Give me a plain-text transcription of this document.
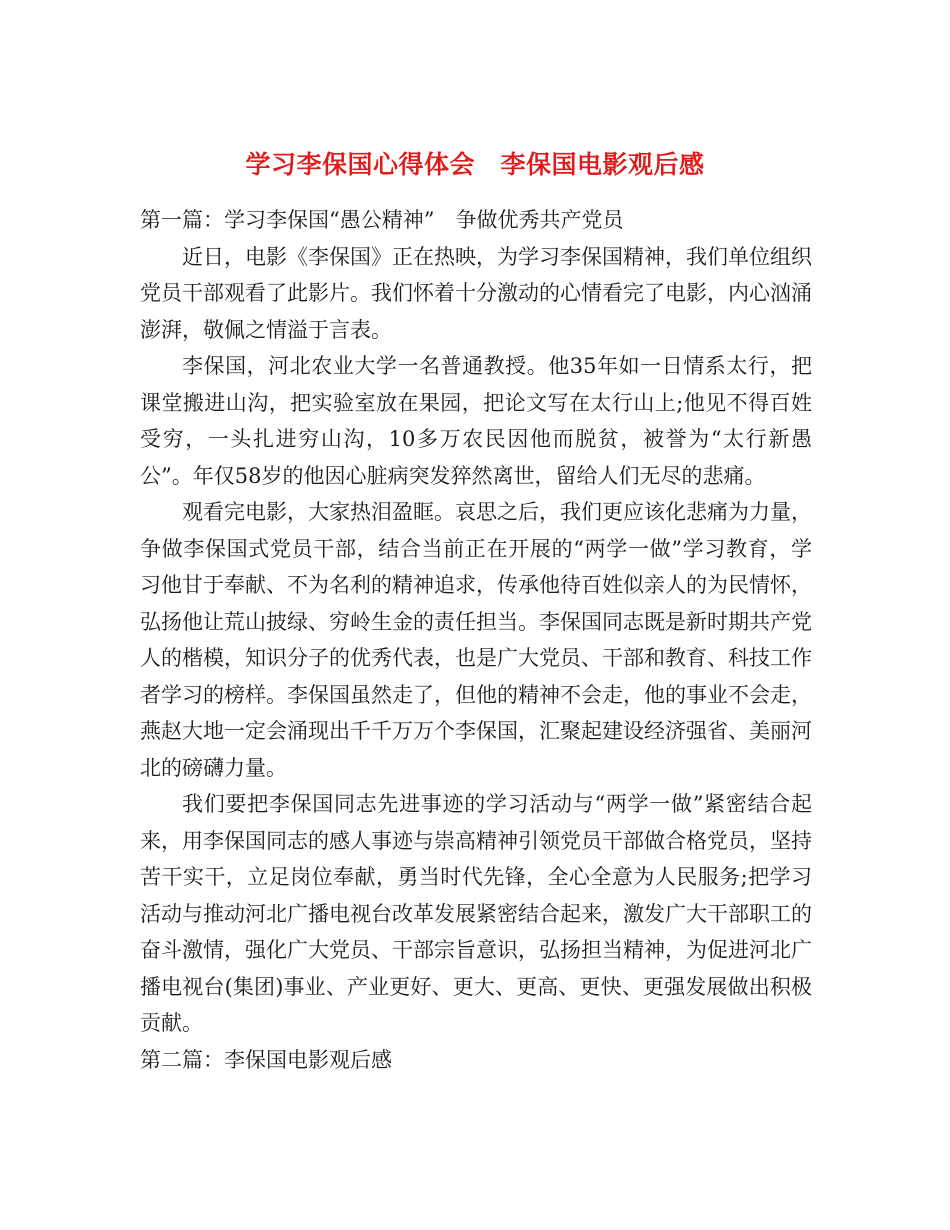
学习李保国心得体会　李保国电影观后感

第一篇：学习李保国“愚公精神”　争做优秀共产党员

近日，电影《李保国》正在热映，为学习李保国精神，我们单位组织党员干部观看了此影片。我们怀着十分激动的心情看完了电影，内心汹涌澎湃，敬佩之情溢于言表。

李保国，河北农业大学一名普通教授。他35年如一日情系太行，把课堂搬进山沟，把实验室放在果园，把论文写在太行山上;他见不得百姓受穷，一头扎进穷山沟，10多万农民因他而脱贫，被誉为“太行新愚公”。年仅58岁的他因心脏病突发猝然离世，留给人们无尽的悲痛。

观看完电影，大家热泪盈眶。哀思之后，我们更应该化悲痛为力量，争做李保国式党员干部，结合当前正在开展的“两学一做”学习教育，学习他甘于奉献、不为名利的精神追求，传承他待百姓似亲人的为民情怀，弘扬他让荒山披绿、穷岭生金的责任担当。李保国同志既是新时期共产党人的楷模，知识分子的优秀代表，也是广大党员、干部和教育、科技工作者学习的榜样。李保国虽然走了，但他的精神不会走，他的事业不会走，燕赵大地一定会涌现出千千万万个李保国，汇聚起建设经济强省、美丽河北的磅礴力量。

我们要把李保国同志先进事迹的学习活动与“两学一做”紧密结合起来，用李保国同志的感人事迹与崇高精神引领党员干部做合格党员，坚持苦干实干，立足岗位奉献，勇当时代先锋，全心全意为人民服务;把学习活动与推动河北广播电视台改革发展紧密结合起来，激发广大干部职工的奋斗激情，强化广大党员、干部宗旨意识，弘扬担当精神，为促进河北广播电视台(集团)事业、产业更好、更大、更高、更快、更强发展做出积极贡献。

第二篇：李保国电影观后感
